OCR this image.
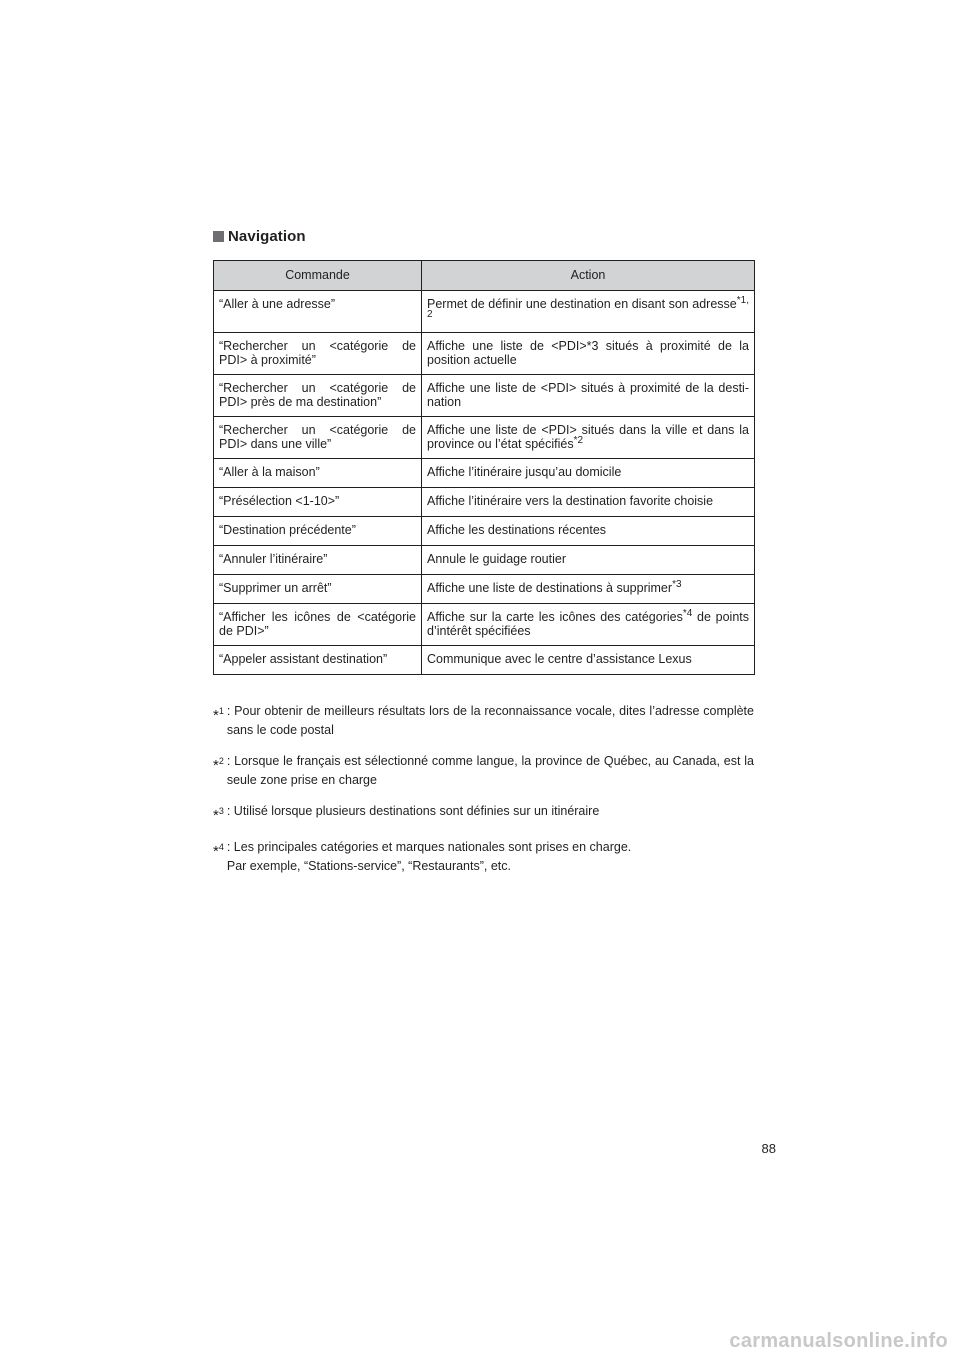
Navigation
Commande	Action
“Aller à une adresse”	Permet de définir une destination en disant son adresse$^{*1, 2}$
“Rechercher un <catégorie de PDI> à proximité”	Affiche une liste de <PDI>*3 situés à proximité de la position actuelle
“Rechercher un <catégorie de PDI> près de ma destination”	Affiche une liste de <PDI> situés à proximité de la desti- nation
“Rechercher un <catégorie de PDI> dans une ville”	Affiche une liste de <PDI> situés dans la ville et dans la province ou l’état spécifiés$^{*2}$
“Aller à la maison”	Affiche l’itinéraire jusqu’au domicile
“Présélection <1-10>”	Affiche l’itinéraire vers la destination favorite choisie
“Destination précédente”	Affiche les destinations récentes
“Annuler l’itinéraire”	Annule le guidage routier
“Supprimer un arrêt”	Affiche une liste de destinations à supprimer$^{*3}$
“Afficher les icônes de <catégorie de PDI>”	Affiche sur la carte les icônes des catégories$^{*4}$ de points d’intérêt spécifiées
“Appeler assistant destination”	Communique avec le centre d’assistance Lexus
*$^1$ : Pour obtenir de meilleurs résultats lors de la reconnaissance vocale, dites l’adresse complète sans le code postal
*$^2$ : Lorsque le français est sélectionné comme langue, la province de Québec, au Canada, est la seule zone prise en charge
*$^3$ : Utilisé lorsque plusieurs destinations sont définies sur un itinéraire
*$^4$ : Les principales catégories et marques nationales sont prises en charge.
Par exemple, “Stations-service”, “Restaurants”, etc.
88
carmanualsonline.info
